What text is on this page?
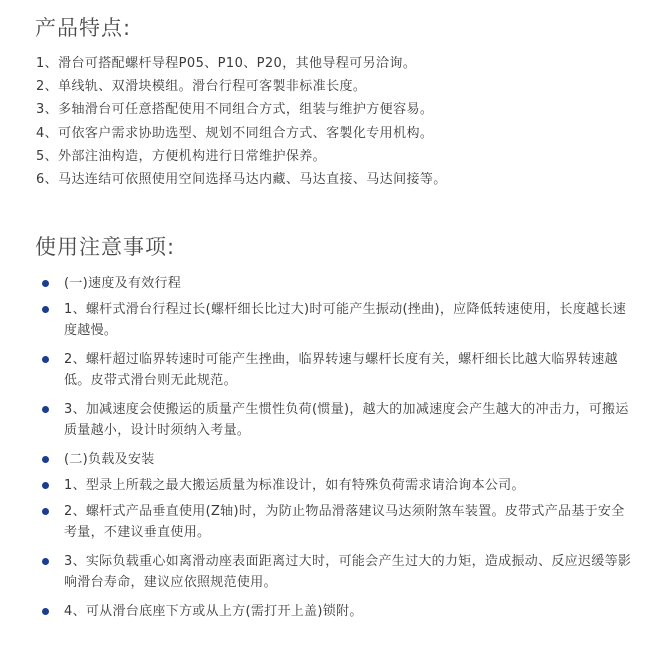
产品特点:
1、滑台可搭配螺杆导程P05、P10、P20，其他导程可另洽询。
2、单线轨、双滑块模组。滑台行程可客製非标准长度。
3、多轴滑台可任意搭配使用不同组合方式，组装与维护方便容易。
4、可依客户需求协助选型、规划不同组合方式、客製化专用机构。
5、外部注油构造，方便机构进行日常维护保养。
6、马达连结可依照使用空间选择马达内藏、马达直接、马达间接等。
使用注意事项:
(一)速度及有效行程
1、螺杆式滑台行程过长(螺杆细长比过大)时可能产生振动(挫曲)，应降低转速使用，长度越长速度越慢。
2、螺杆超过临界转速时可能产生挫曲，临界转速与螺杆长度有关，螺杆细长比越大临界转速越低。皮带式滑台则无此规范。
3、加减速度会使搬运的质量产生惯性负荷(惯量)，越大的加减速度会产生越大的冲击力，可搬运质量越小，设计时须纳入考量。
(二)负载及安装
1、型录上所载之最大搬运质量为标准设计，如有特殊负荷需求请洽询本公司。
2、螺杆式产品垂直使用(Z轴)时，为防止物品滑落建议马达须附煞车装置。皮带式产品基于安全考量，不建议垂直使用。
3、实际负载重心如离滑动座表面距离过大时，可能会产生过大的力矩，造成振动、反应迟缓等影响滑台寿命，建议应依照规范使用。
4、可从滑台底座下方或从上方(需打开上盖)锁附。
